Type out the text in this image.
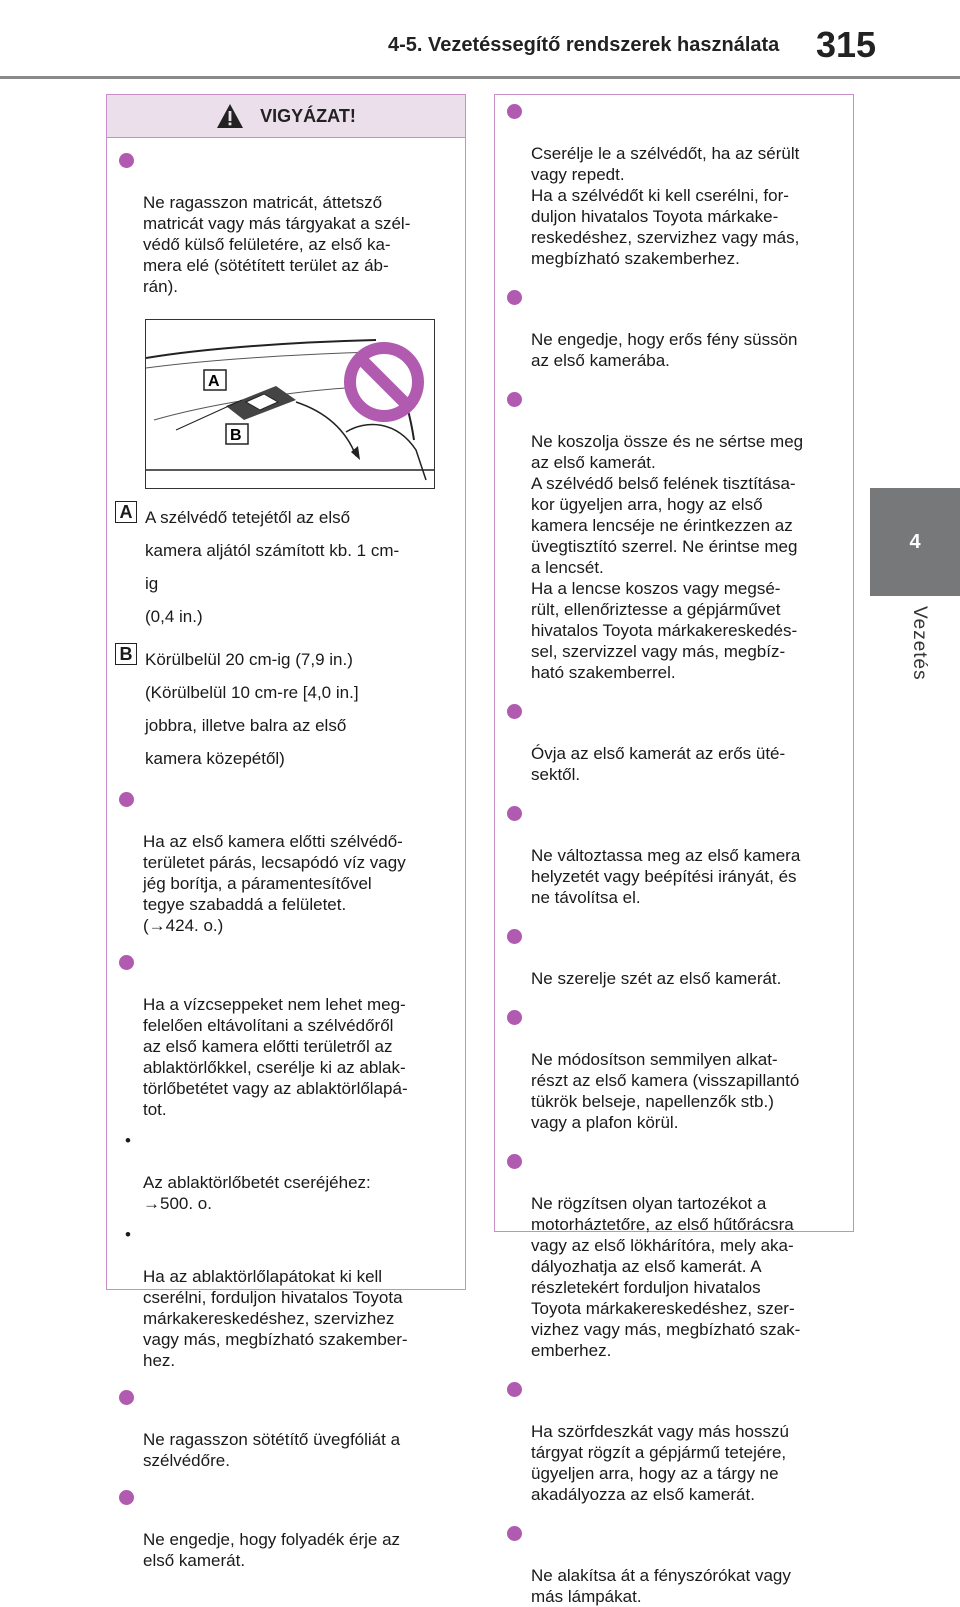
4-5. Vezetéssegítő rendszerek használata 315
4
Vezetés
VIGYÁZAT!

Ne ragasszon matricát, áttetsző
matricát vagy más tárgyakat a szél-
védő külső felületére, az első ka-
mera elé (sötétített terület az áb-
rán).

A
B
A A szélvédő tetejétől az első
kamera aljától számított kb. 1 cm-
ig
(0,4 in.)
B Körülbelül 20 cm-ig (7,9 in.)
(Körülbelül 10 cm-re [4,0 in.]
jobbra, illetve balra az első
kamera közepétől)

Ha az első kamera előtti szélvédő-
területet párás, lecsapódó víz vagy
jég borítja, a páramentesítővel
tegye szabaddá a felületet.
(→424. o.)

Ha a vízcseppeket nem lehet meg-
felelően eltávolítani a szélvédőről
az első kamera előtti területről az
ablaktörlőkkel, cserélje ki az ablak-
törlőbetétet vagy az ablaktörlőlapá-
tot.

•

Az ablaktörlőbetét cseréjéhez:
→500. o.

•

Ha az ablaktörlőlapátokat ki kell
cserélni, forduljon hivatalos Toyota
márkakereskedéshez, szervizhez
vagy más, megbízható szakember-
hez.

Ne ragasszon sötétítő üvegfóliát a
szélvédőre.

Ne engedje, hogy folyadék érje az
első kamerát.

Cserélje le a szélvédőt, ha az sérült
vagy repedt.
Ha a szélvédőt ki kell cserélni, for-
duljon hivatalos Toyota márkake-
reskedéshez, szervizhez vagy más,
megbízható szakemberhez.

Ne engedje, hogy erős fény süssön
az első kamerába.

Ne koszolja össze és ne sértse meg
az első kamerát.
A szélvédő belső felének tisztítása-
kor ügyeljen arra, hogy az első
kamera lencséje ne érintkezzen az
üvegtisztító szerrel. Ne érintse meg
a lencsét.
Ha a lencse koszos vagy megsé-
rült, ellenőriztesse a gépjárművet
hivatalos Toyota márkakereskedés-
sel, szervizzel vagy más, megbíz-
ható szakemberrel.

Óvja az első kamerát az erős üté-
sektől.

Ne változtassa meg az első kamera
helyzetét vagy beépítési irányát, és
ne távolítsa el.

Ne szerelje szét az első kamerát.

Ne módosítson semmilyen alkat-
részt az első kamera (visszapillantó
tükrök belseje, napellenzők stb.)
vagy a plafon körül.

Ne rögzítsen olyan tartozékot a
motorháztetőre, az első hűtőrácsra
vagy az első lökhárítóra, mely aka-
dályozhatja az első kamerát. A
részletekért forduljon hivatalos
Toyota márkakereskedéshez, szer-
vizhez vagy más, megbízható szak-
emberhez.

Ha szörfdeszkát vagy más hosszú
tárgyat rögzít a gépjármű tetejére,
ügyeljen arra, hogy az a tárgy ne
akadályozza az első kamerát.

Ne alakítsa át a fényszórókat vagy
más lámpákat.
